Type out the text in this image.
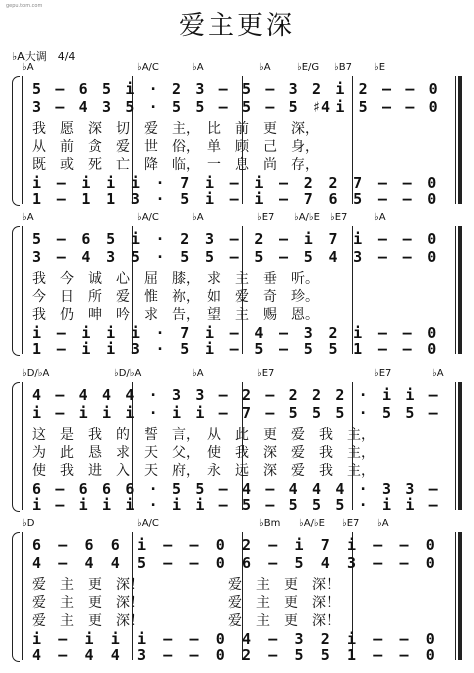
gepu.tom.com
爱主更深
♭A大调　4/4
♭A	♭A/C	♭A	♭A	♭E/G ♭B7 ♭E
5 – 6 5 i · 2 3 – 5 – 3 2 i 2 – – 0
3 – 4 3 5 · 5 5 – 5 – 5 ♯4 i 5 – – 0
我　愿　深　切　爱　主，　比　前　更　深，
从　前　贪　爱　世　俗，　单　顾　己　身，
既　或　死　亡　降　临，　一　息　尚　存，
i – i i i · 7 i – i – 2 2 7 – – 0
1 – 1 1 3 · 5 i – i – 7 6 5 – – 0
♭A	♭A/C	♭A	♭E7 ♭A/♭E ♭E7	♭A
5 – 6 5 i · 2 3 – 2 – i 7 i – – 0
3 – 4 3 5 · 5 5 – 5 – 5 4 3 – – 0
我　今　诚　心　屈　膝，　求　主　垂　听。
今　日　所　爱　惟　祢，　如　爱　奇　珍。
我　仍　呻　吟　求　告，　望　主　赐　恩。
i – i i i · 7 i – 4 – 3 2 i – – 0
1 – i i 3 · 5 i – 5 – 5 5 1 – – 0
♭D/♭A	♭D/♭A	♭A	♭E7	♭E7	♭A
4 – 4 4 4 · 3 3 – 2 – 2 2 2 · i i –
i – i i i · i i – 7 – 5 5 5 · 5 5 –
这　是　我　的　誓　言，　从　此　更　爱　我　主，
为　此　恳　求　天　父，　使　我　深　爱　我　主，
使　我　进　入　天　府，　永　远　深　爱　我　主，
6 – 6 6 6 · 5 5 – 4 – 4 4 4 · 3 3 –
i – i i i · i i – 5 – 5 5 5 · i i –
♭D	♭A/C	♭Bm ♭A/♭E ♭E7 ♭A
6 – 6 6 i – – 0 2 – i 7 i – – 0
4 – 4 4 5 – – 0 6 – 5 4 3 – – 0
爱　主　更　深！　　　　　　爱　主　更　深！
爱　主　更　深！　　　　　　爱　主　更　深！
爱　主　更　深！　　　　　　爱　主　更　深！
i – i i i – – 0 4 – 3 2 i – – 0
4 – 4 4 3 – – 0 2 – 5 5 1 – – 0
